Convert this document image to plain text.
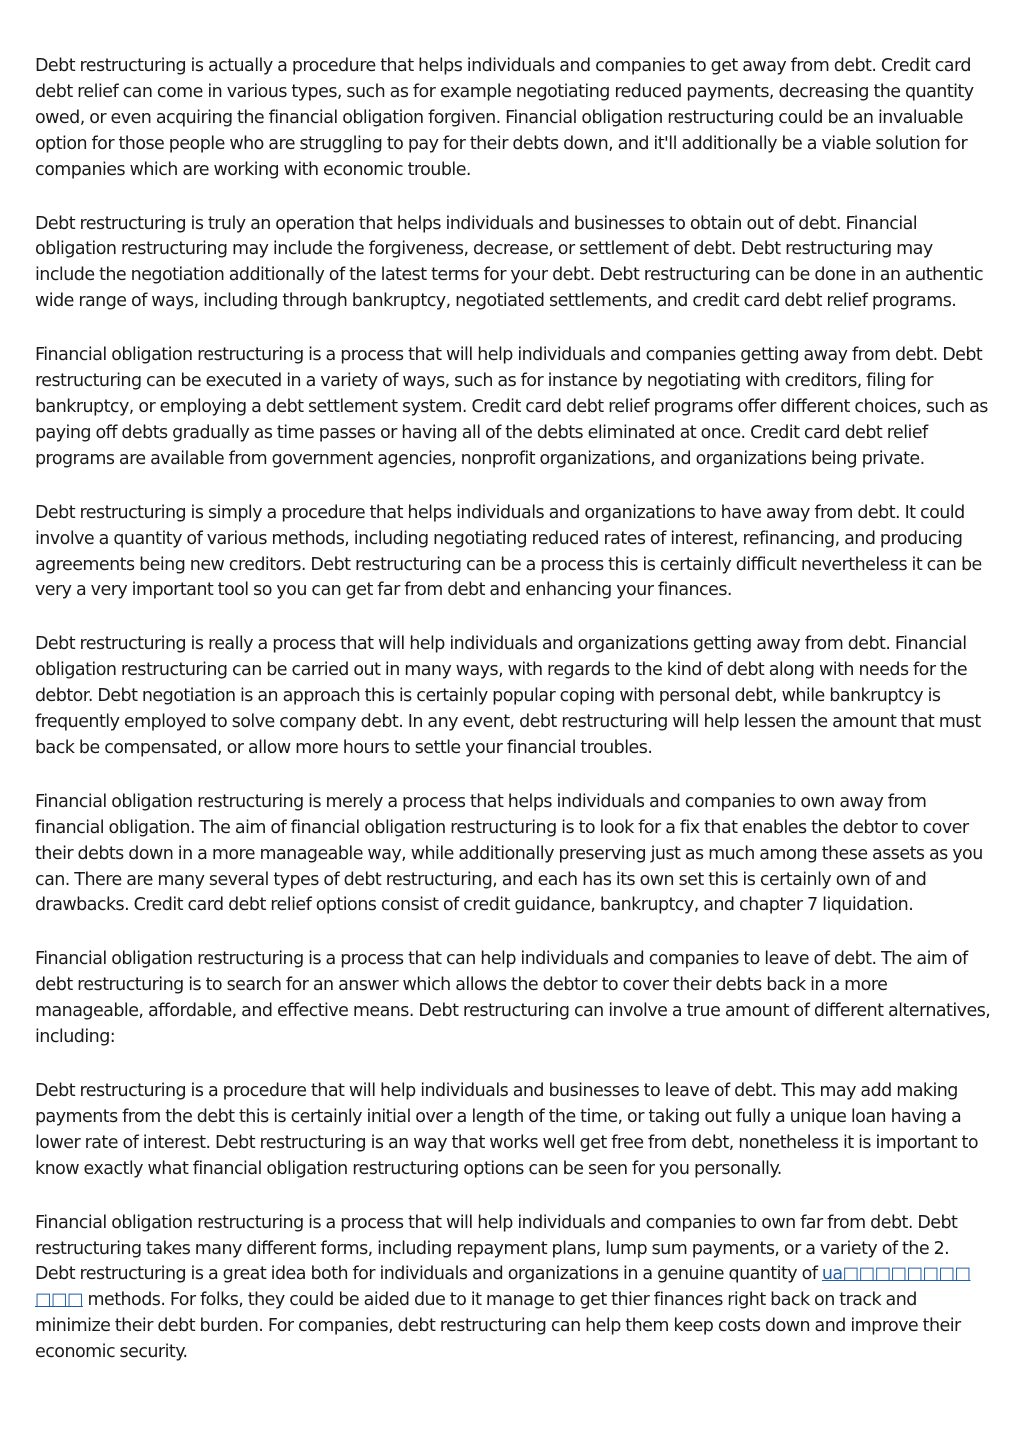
Debt restructuring is actually a procedure that helps individuals and companies to get away from debt. Credit card debt relief can come in various types, such as for example negotiating reduced payments, decreasing the quantity owed, or even acquiring the financial obligation forgiven. Financial obligation restructuring could be an invaluable option for those people who are struggling to pay for their debts down, and it'll additionally be a viable solution for companies which are working with economic trouble.

Debt restructuring is truly an operation that helps individuals and businesses to obtain out of debt. Financial obligation restructuring may include the forgiveness, decrease, or settlement of debt. Debt restructuring may include the negotiation additionally of the latest terms for your debt. Debt restructuring can be done in an authentic wide range of ways, including through bankruptcy, negotiated settlements, and credit card debt relief programs.

Financial obligation restructuring is a process that will help individuals and companies getting away from debt. Debt restructuring can be executed in a variety of ways, such as for instance by negotiating with creditors, filing for bankruptcy, or employing a debt settlement system. Credit card debt relief programs offer different choices, such as paying off debts gradually as time passes or having all of the debts eliminated at once. Credit card debt relief programs are available from government agencies, nonprofit organizations, and organizations being private.

Debt restructuring is simply a procedure that helps individuals and organizations to have away from debt. It could involve a quantity of various methods, including negotiating reduced rates of interest, refinancing, and producing agreements being new creditors. Debt restructuring can be a process this is certainly difficult nevertheless it can be very a very important tool so you can get far from debt and enhancing your finances.

Debt restructuring is really a process that will help individuals and organizations getting away from debt. Financial obligation restructuring can be carried out in many ways, with regards to the kind of debt along with needs for the debtor. Debt negotiation is an approach this is certainly popular coping with personal debt, while bankruptcy is frequently employed to solve company debt. In any event, debt restructuring will help lessen the amount that must back be compensated, or allow more hours to settle your financial troubles.

Financial obligation restructuring is merely a process that helps individuals and companies to own away from financial obligation. The aim of financial obligation restructuring is to look for a fix that enables the debtor to cover their debts down in a more manageable way, while additionally preserving just as much among these assets as you can. There are many several types of debt restructuring, and each has its own set this is certainly own of and drawbacks. Credit card debt relief options consist of credit guidance, bankruptcy, and chapter 7 liquidation.

Financial obligation restructuring is a process that can help individuals and companies to leave of debt. The aim of debt restructuring is to search for an answer which allows the debtor to cover their debts back in a more manageable, affordable, and effective means. Debt restructuring can involve a true amount of different alternatives, including:

Debt restructuring is a procedure that will help individuals and businesses to leave of debt. This may add making payments from the debt this is certainly initial over a length of the time, or taking out fully a unique loan having a lower rate of interest. Debt restructuring is an way that works well get free from debt, nonetheless it is important to know exactly what financial obligation restructuring options can be seen for you personally.

Financial obligation restructuring is a process that will help individuals and companies to own far from debt. Debt restructuring takes many different forms, including repayment plans, lump sum payments, or a variety of the 2. Debt restructuring is a great idea both for individuals and organizations in a genuine quantity of ua□□□□□□□□ □□□ methods. For folks, they could be aided due to it manage to get thier finances right back on track and minimize their debt burden. For companies, debt restructuring can help them keep costs down and improve their economic security.
